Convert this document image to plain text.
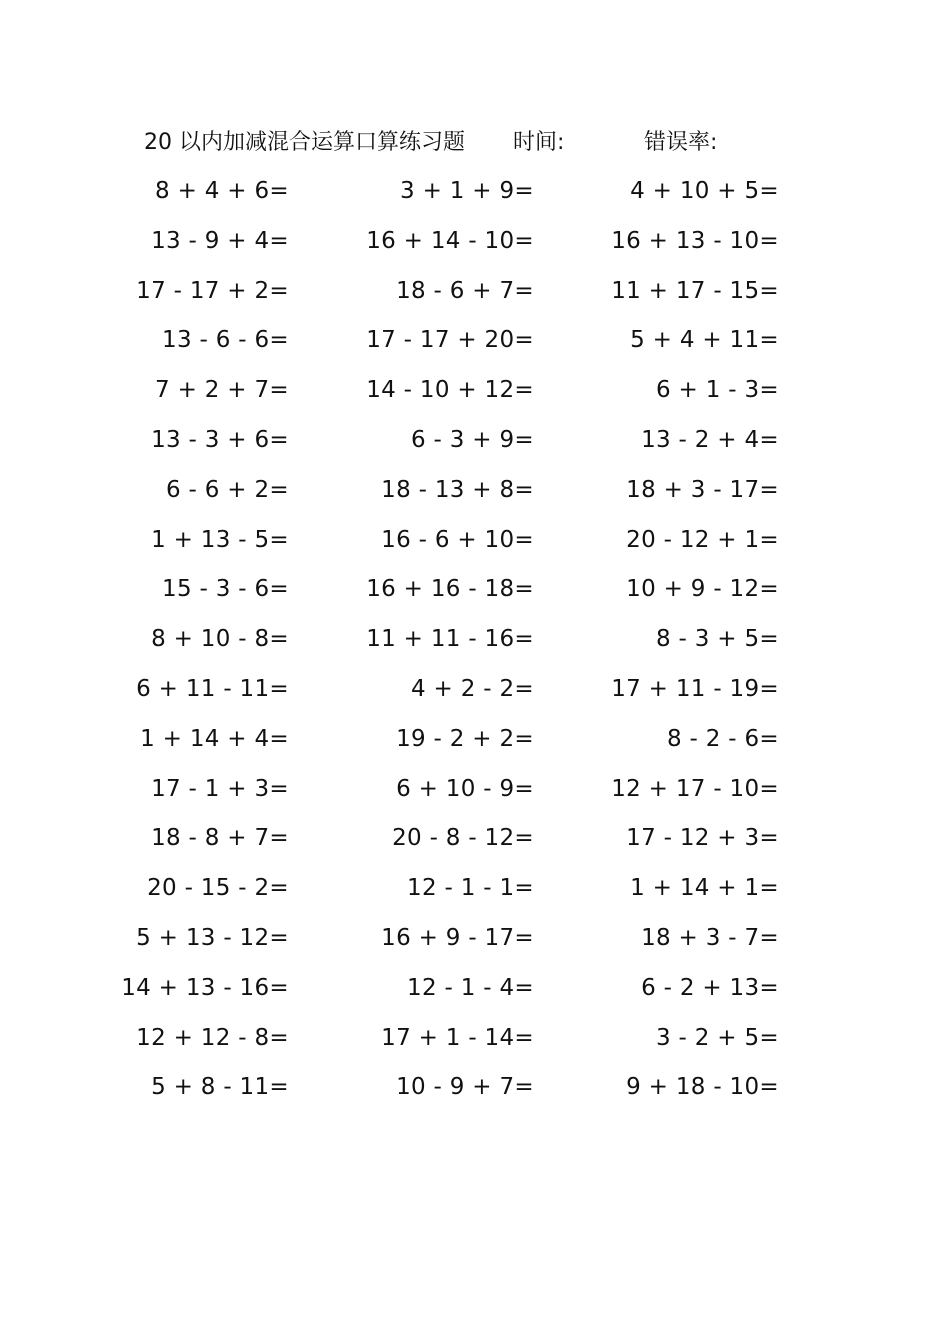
20 以内加减混合运算口算练习题 时间:	错误率:
8 + 4 + 6=	3 + 1 + 9=	4 + 10 + 5=
13 - 9 + 4=	16 + 14 - 10=	16 + 13 - 10=
17 - 17 + 2=	18 - 6 + 7=	11 + 17 - 15=
13 - 6 - 6=	17 - 17 + 20=	5 + 4 + 11=
7 + 2 + 7=	14 - 10 + 12=	6 + 1 - 3=
13 - 3 + 6=	6 - 3 + 9=	13 - 2 + 4=
6 - 6 + 2=	18 - 13 + 8=	18 + 3 - 17=
1 + 13 - 5=	16 - 6 + 10=	20 - 12 + 1=
15 - 3 - 6=	16 + 16 - 18=	10 + 9 - 12=
8 + 10 - 8=	11 + 11 - 16=	8 - 3 + 5=
6 + 11 - 11=	4 + 2 - 2=	17 + 11 - 19=
1 + 14 + 4=	19 - 2 + 2=	8 - 2 - 6=
17 - 1 + 3=	6 + 10 - 9=	12 + 17 - 10=
18 - 8 + 7=	20 - 8 - 12=	17 - 12 + 3=
20 - 15 - 2=	12 - 1 - 1=	1 + 14 + 1=
5 + 13 - 12=	16 + 9 - 17=	18 + 3 - 7=
14 + 13 - 16=	12 - 1 - 4=	6 - 2 + 13=
12 + 12 - 8=	17 + 1 - 14=	3 - 2 + 5=
5 + 8 - 11=	10 - 9 + 7=	9 + 18 - 10=
